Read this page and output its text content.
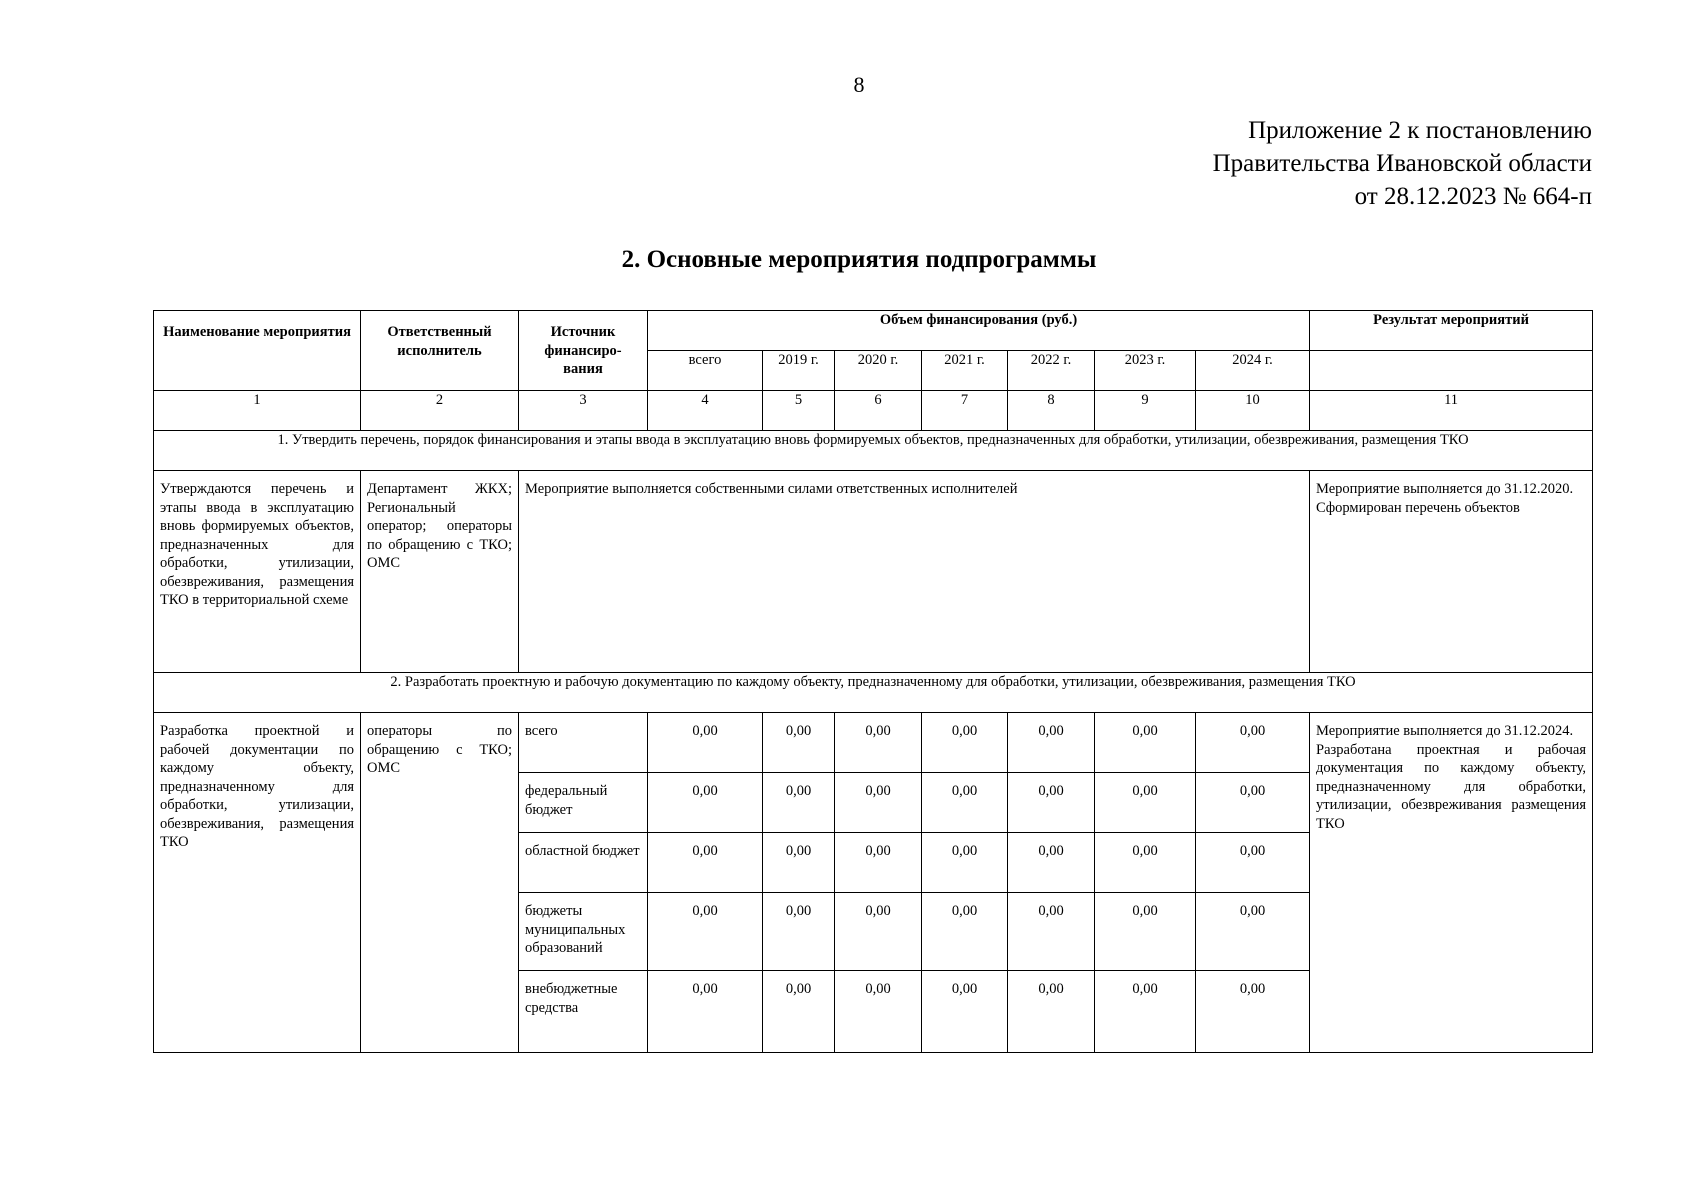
8
Приложение 2 к постановлению
Правительства Ивановской области
от 28.12.2023 № 664-п
2. Основные мероприятия подпрограммы
Наименование мероприятия	Ответственный исполнитель	Источник финансиро-вания	Объем финансирования (руб.)							Результат мероприятий
			всего	2019 г.	2020 г.	2021 г.	2022 г.	2023 г.	2024 г.	
1	2	3	4	5	6	7	8	9	10	11
1. Утвердить перечень, порядок финансирования и этапы ввода в эксплуатацию вновь формируемых объектов, предназначенных для обработки, утилизации, обезвреживания, размещения ТКО										
Утверждаются перечень и этапы ввода в эксплуатацию вновь формируемых объектов, предназначенных для обработки, утилизации, обезвреживания, размещения ТКО в территориальной схеме	Департамент ЖКХ; Региональный оператор; операторы по обращению с ТКО; ОМС	Мероприятие выполняется собственными силами ответственных исполнителей								Мероприятие выполняется до 31.12.2020.
Сформирован перечень объектов

2. Разработать проектную и рабочую документацию по каждому объекту, предназначенному для обработки, утилизации, обезвреживания, размещения ТКО										
Разработка проектной и рабочей документации по каждому объекту, предназначенному для обработки, утилизации, обезвреживания, размещения ТКО	операторы по обращению с ТКО; ОМС	всего	0,00	0,00	0,00	0,00	0,00	0,00	0,00	Мероприятие выполняется до 31.12.2024.
Разработана проектная и рабочая документация по каждому объекту, предназначенному для обработки, утилизации, обезвреживания размещения ТКО

		федеральный бюджет	0,00	0,00	0,00	0,00	0,00	0,00	0,00	
		областной бюджет	0,00	0,00	0,00	0,00	0,00	0,00	0,00	
		бюджеты муниципальных образований	0,00	0,00	0,00	0,00	0,00	0,00	0,00	
		внебюджетные средства	0,00	0,00	0,00	0,00	0,00	0,00	0,00	
